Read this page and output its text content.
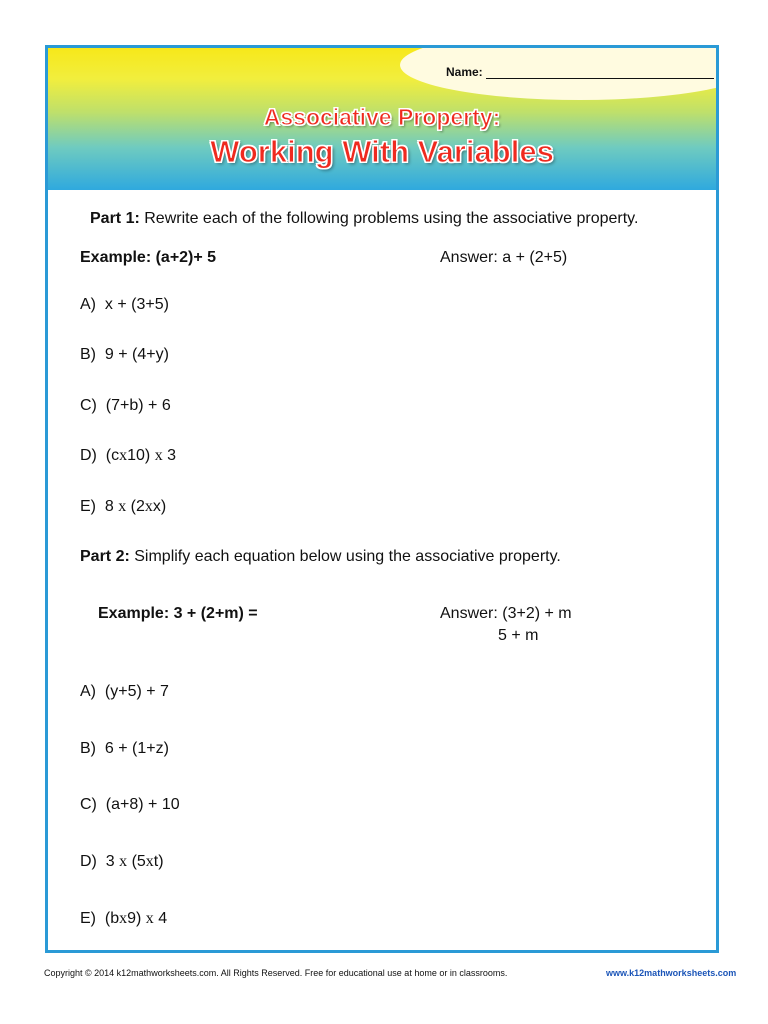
Name:
Associative Property:
Working With Variables
Part 1: Rewrite each of the following problems using the associative property.
Example: (a+2)+ 5	Answer: a + (2+5)
A) x + (3+5)
B) 9 + (4+y)
C) (7+b) + 6
D) (cx10) x 3
E) 8 x (2xx)
Part 2: Simplify each equation below using the associative property.
Example: 3 + (2+m) =	Answer: (3+2) + m
5 + m
A) (y+5) + 7
B) 6 + (1+z)
C) (a+8) + 10
D) 3 x (5xt)
E) (bx9) x 4
Copyright © 2014 k12mathworksheets.com. All Rights Reserved. Free for educational use at home or in classrooms.	www.k12mathworksheets.com
